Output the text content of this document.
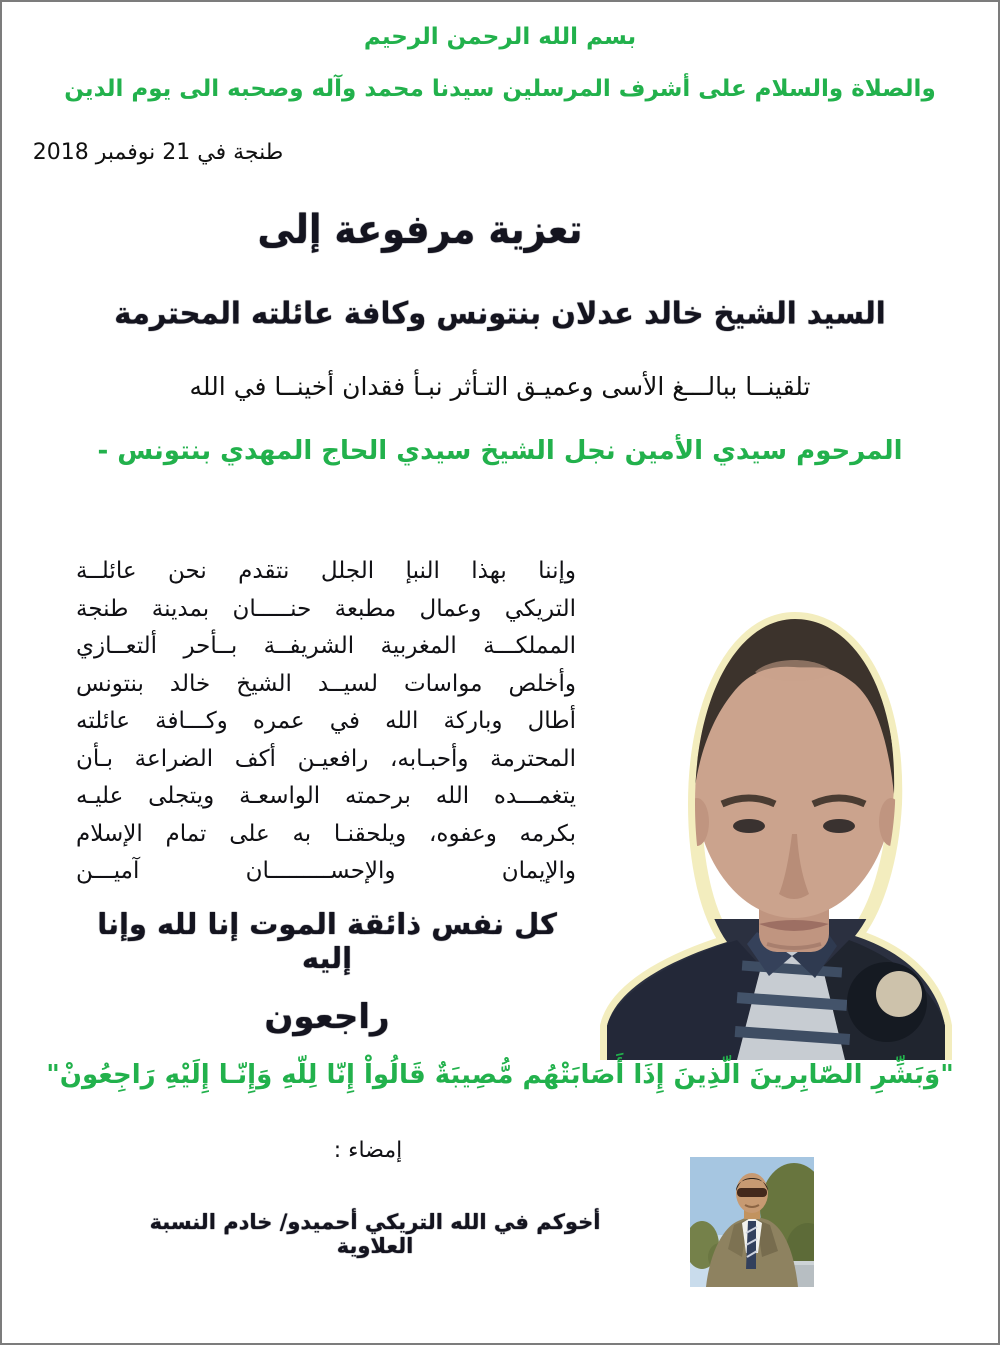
بسم الله الرحمن الرحيم
والصلاة والسلام على أشرف المرسلين سيدنا محمد وآله وصحبه الى يوم الدين
طنجة في 21 نوفمبر 2018
تعزية مرفوعة إلى
السيد الشيخ خالد عدلان بنتونس وكافة عائلته المحترمة
تلقينــا ببالـــغ الأسى وعميـق التـأثر نبـأ فقدان أخينــا في الله
المرحوم سيدي الأمين نجل الشيخ سيدي الحاج المهدي بنتونس -
وإننا بهذا النبإ الجلل نتقدم نحن عائلــة
التريكي وعمال مطبعة حنـــــان بمدينة طنجة
المملكـــة المغربية الشريفــة بــأحر ألتعــازي
وأخلص مواسات لسيــد الشيخ خالد بنتونس
أطال وباركة الله في عمره وكـــافة عائلته
المحترمة وأحبـابه، رافعيـن أكف الضراعة بـأن
يتغمـــده الله برحمته الواسعـة ويتجلى عليـه
بكرمه وعفوه، ويلحقنـا به على تمام الإسلام
والإيمان والإحســـــــــان آميـــن
كل نفس ذائقة الموت إنا لله وإنا إليه
راجعون
"وَبَشِّرِ الصّابِرينَ الّذِينَ إِذَا أَصَابَتْهُم مُّصِيبَةٌ قَالُواْ إِنّا لِلّهِ وَإِنّـا إِلَيْهِ رَاجِعُونْ"
إمضاء :
أخوكم في الله التريكي أحميدو/ خادم النسبة العلاوية
